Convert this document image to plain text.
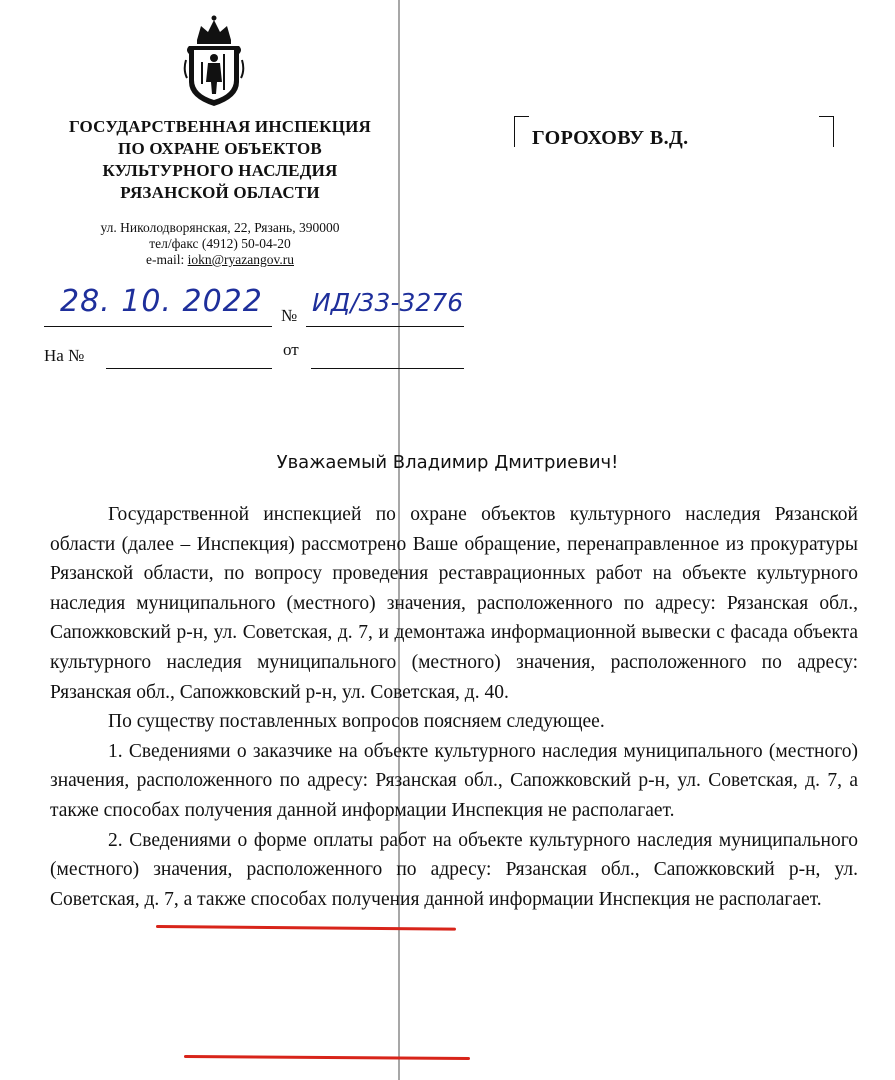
ГОСУДАРСТВЕННАЯ ИНСПЕКЦИЯ
ПО ОХРАНЕ ОБЪЕКТОВ
КУЛЬТУРНОГО НАСЛЕДИЯ
РЯЗАНСКОЙ ОБЛАСТИ
ул. Николодворянская, 22, Рязань, 390000
тел/факс (4912) 50-04-20
e-mail: iokn@ryazangov.ru
ГОРОХОВУ В.Д.
28. 10. 2022 № ИД/33-3276
На №	от
Уважаемый Владимир Дмитриевич!

Государственной инспекцией по охране объектов культурного наследия Рязанской области (далее – Инспекция) рассмотрено Ваше обращение, перенаправленное из прокуратуры Рязанской области, по вопросу проведения реставрационных работ на объекте культурного наследия муниципального (местного) значения, расположенного по адресу: Рязанская обл., Сапожковский р-н, ул. Советская, д. 7, и демонтажа информационной вывески с фасада объекта культурного наследия муниципального (местного) значения, расположенного по адресу: Рязанская обл., Сапожковский р-н, ул. Советская, д. 40.

По существу поставленных вопросов поясняем следующее.

1. Сведениями о заказчике на объекте культурного наследия муниципального (местного) значения, расположенного по адресу: Рязанская обл., Сапожковский р-н, ул. Советская, д. 7, а также способах получения данной информации Инспекция не располагает.

2. Сведениями о форме оплаты работ на объекте культурного наследия муниципального (местного) значения, расположенного по адресу: Рязанская обл., Сапожковский р-н, ул. Советская, д. 7, а также способах получения данной информации Инспекция не располагает.
